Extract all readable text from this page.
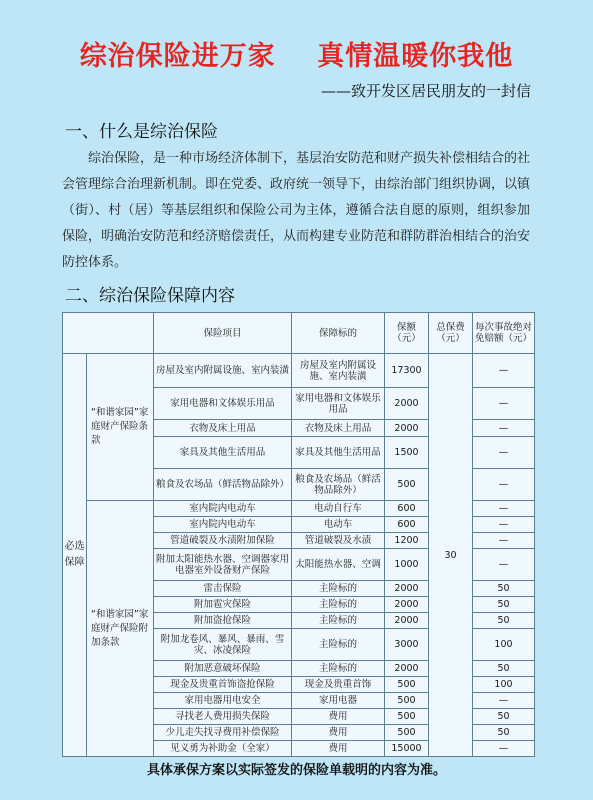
综治保险进万家    真情温暖你我他
——致开发区居民朋友的一封信
一、什么是综治保险
综治保险，是一种市场经济体制下，基层治安防范和财产损失补偿相结合的社会管理综合治理新机制。即在党委、政府统一领导下，由综治部门组织协调，以镇（街）、村（居）等基层组织和保险公司为主体，遵循合法自愿的原则，组织参加保险，明确治安防范和经济赔偿责任，从而构建专业防范和群防群治相结合的治安防控体系。
二、综治保险保障内容
		保险项目	保障标的	保额（元）	总保费（元）	每次事故绝对免赔额（元）
必选保障	“和谐家园”家庭财产保险条款	房屋及室内附属设施、室内装潢	房屋及室内附属设施、室内装潢	17300	30	—
		家用电器和文体娱乐用品	家用电器和文体娱乐用品	2000		—
		衣物及床上用品	衣物及床上用品	2000		—
		家具及其他生活用品	家具及其他生活用品	1500		—
		粮食及农场品（鲜活物品除外）	粮食及农场品（鲜活物品除外）	500		—
	“和谐家园”家庭财产保险附加条款	室内院内电动车	电动自行车	600		—
		室内院内电动车	电动车	600		—
		管道破裂及水渍附加保险	管道破裂及水渍	1200		—
		附加太阳能热水器、空调器家用电器室外设备财产保险	太阳能热水器、空调	1000		—
		雷击保险	主险标的	2000		50
		附加雹灾保险	主险标的	2000		50
		附加盗抢保险	主险标的	2000		50
		附加龙卷风、暴风、暴雨、雪灾、冰凌保险	主险标的	3000		100
		附加恶意破坏保险	主险标的	2000		50
		现金及贵重首饰盗抢保险	现金及贵重首饰	500		100
		家用电器用电安全	家用电器	500		—
		寻找老人费用损失保险	费用	500		50
		少儿走失找寻费用补偿保险	费用	500		50
		见义勇为补助金（全家）	费用	15000		—
具体承保方案以实际签发的保险单载明的内容为准。
